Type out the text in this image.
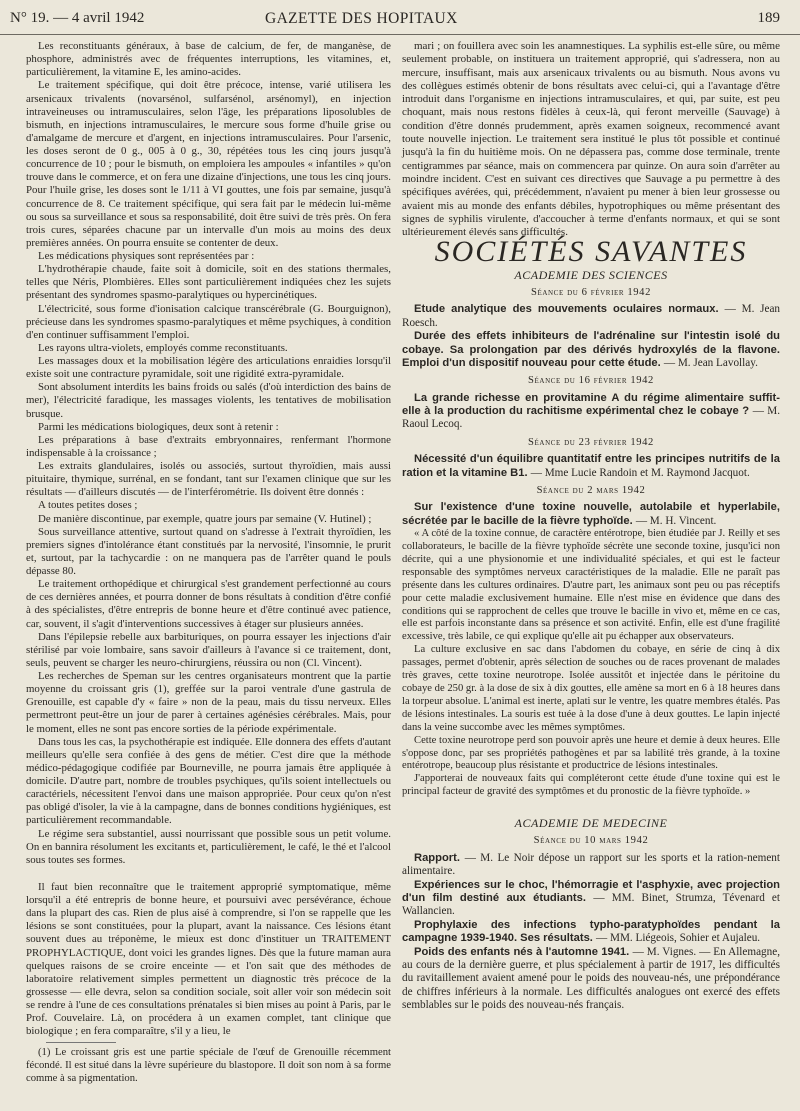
N° 19. — 4 avril 1942	GAZETTE DES HOPITAUX	189

Les reconstituants généraux, à base de calcium, de fer, de manganèse, de phosphore, administrés avec de fréquentes interruptions, les vitamines, et, particulièrement, la vitamine E, les amino-acides.

Le traitement spécifique, qui doit être précoce, intense, varié utilisera les arsenicaux trivalents (novarsénol, sulfarsénol, arsénomyl), en injection intraveineuses ou intramusculaires, selon l'âge, les préparations liposolubles de bismuth, en injections intramusculaires, le mercure sous forme d'huile grise ou d'amalgame de mercure et d'argent, en injections intramusculaires. Pour l'arsenic, les doses seront de 0 g., 005 à 0 g., 30, répétées tous les cinq jours jusqu'à concurrence de 10 ; pour le bismuth, on emploiera les ampoules « infantiles » qu'on trouve dans le commerce, et on fera une dizaine d'injections, une tous les cinq jours. Pour l'huile grise, les doses sont le 1/11 à VI gouttes, une fois par semaine, jusqu'à concurrence de 8. Ce traitement spécifique, qui sera fait par le médecin lui-même ou sous sa surveillance et sous sa responsabilité, doit être suivi de très près. On fera trois cures, séparées chacune par un intervalle d'un mois au moins des deux premières années. On pourra ensuite se contenter de deux.

Les médications physiques sont représentées par :

L'hydrothérapie chaude, faite soit à domicile, soit en des stations thermales, telles que Néris, Plombières. Elles sont particulièrement indiquées chez les sujets présentant des syndromes spasmo-paralytiques ou hypercinétiques.

L'électricité, sous forme d'ionisation calcique transcérébrale (G. Bourguignon), précieuse dans les syndromes spasmo-paralytiques et même psychiques, à condition d'en continuer suffisamment l'emploi.

Les rayons ultra-violets, employés comme reconstituants.

Les massages doux et la mobilisation légère des articulations enraidies lorsqu'il existe soit une contracture pyramidale, soit une rigidité extra-pyramidale.

Sont absolument interdits les bains froids ou salés (d'où interdiction des bains de mer), l'électricité faradique, les massages violents, les tentatives de mobilisation brusque.

Parmi les médications biologiques, deux sont à retenir :

Les préparations à base d'extraits embryonnaires, renfermant l'hormone indispensable à la croissance ;

Les extraits glandulaires, isolés ou associés, surtout thyroïdien, mais aussi pituitaire, thymique, surrénal, en se fondant, tant sur l'examen clinique que sur les résultats — d'ailleurs discutés — de l'interférométrie. Ils doivent être donnés :

A toutes petites doses ;

De manière discontinue, par exemple, quatre jours par semaine (V. Hutinel) ;

Sous surveillance attentive, surtout quand on s'adresse à l'extrait thyroïdien, les premiers signes d'intolérance étant constitués par la nervosité, l'insomnie, le prurit et, surtout, par la tachycardie : on ne manquera pas de l'arrêter quand le pouls dépasse 80.

Le traitement orthopédique et chirurgical s'est grandement perfectionné au cours de ces dernières années, et pourra donner de bons résultats à condition d'être confié à des spécialistes, d'être entrepris de bonne heure et d'être continué avec patience, car, souvent, il s'agit d'interventions successives à étager sur plusieurs années.

Dans l'épilepsie rebelle aux barbituriques, on pourra essayer les injections d'air stérilisé par voie lombaire, sans savoir d'ailleurs à l'avance si ce traitement, dont, seuls, peuvent se charger les neuro-chirurgiens, réussira ou non (Cl. Vincent).

Les recherches de Speman sur les centres organisateurs montrent que la partie moyenne du croissant gris (1), greffée sur la paroi ventrale d'une gastrula de Grenouille, est capable d'y « faire » non de la peau, mais du tissu nerveux. Elles permettront peut-être un jour de parer à certaines agénésies cérébrales. Mais, pour le moment, elles ne sont pas encore sorties de la période expérimentale.

Dans tous les cas, la psychothérapie est indiquée. Elle donnera des effets d'autant meilleurs qu'elle sera confiée à des gens de métier. C'est dire que la méthode médico-pédagogique codifiée par Bourneville, ne pourra jamais être appliquée à domicile. D'autre part, nombre de troubles psychiques, qu'ils soient intellectuels ou caractériels, nécessitent l'envoi dans une maison appropriée. Pour ceux qu'on n'est pas obligé d'isoler, la vie à la campagne, dans de bonnes conditions hygiéniques, est particulièrement recommandable.

Le régime sera substantiel, aussi nourrissant que possible sous un petit volume. On en bannira résolument les excitants et, particulièrement, le café, le thé et l'alcool sous toutes ses formes.

Il faut bien reconnaître que le traitement approprié symptomatique, même lorsqu'il a été entrepris de bonne heure, et poursuivi avec persévérance, échoue dans la plupart des cas. Rien de plus aisé à comprendre, si l'on se rappelle que les lésions se sont constituées, pour la plupart, avant la naissance. Ces lésions étant souvent dues au tréponème, le mieux est donc d'instituer un TRAITEMENT PROPHYLACTIQUE, dont voici les grandes lignes. Dès que la future maman aura quelques raisons de se croire enceinte — et l'on sait que des méthodes de laboratoire relativement simples permettent un diagnostic très précoce de la grossesse — elle devra, selon sa condition sociale, soit aller voir son médecin soit se rendre à l'une de ces consultations prénatales si bien mises au point à Paris, par le Prof. Couvelaire. Là, on procédera à un examen complet, tant clinique que biologique ; en fera comparaître, s'il y a lieu, le

(1) Le croissant gris est une partie spéciale de l'œuf de Grenouille récemment fécondé. Il est situé dans la lèvre supérieure du blastopore. Il doit son nom à sa forme comme à sa pigmentation.

mari ; on fouillera avec soin les anamnestiques. La syphilis est-elle sûre, ou même seulement probable, on instituera un traitement approprié, qui s'adressera, non au mercure, insuffisant, mais aux arsenicaux trivalents ou au bismuth. Nous avons vu des collègues estimés obtenir de bons résultats avec celui-ci, qui a l'avantage d'être introduit dans l'organisme en injections intramusculaires, et qui, par suite, est peu choquant, mais nous restons fidèles à ceux-là, qui feront merveille (Sauvage) à condition d'être donnés prudemment, après examen soigneux, recommencé avant toute nouvelle injection. Le traitement sera institué le plus tôt possible et continué jusqu'à la fin du huitième mois. On ne dépassera pas, comme dose terminale, trente centigrammes par séance, mais on commencera par quinze. On aura soin d'arrêter au moindre incident. C'est en suivant ces directives que Sauvage a pu permettre à des spécifiques avérées, qui, précédemment, n'avaient pu mener à bien leur grossesse ou avaient mis au monde des enfants débiles, hypotrophiques ou même présentant des signes de syphilis virulente, d'accoucher à terme d'enfants normaux, et qui se sont ultérieurement élevés sans difficultés.

SOCIÉTÉS SAVANTES
ACADEMIE DES SCIENCES
Séance du 6 février 1942

Etude analytique des mouvements oculaires normaux. — M. Jean Roesch.

Durée des effets inhibiteurs de l'adrénaline sur l'intestin isolé du cobaye. Sa prolongation par des dérivés hydroxylés de la flavone. Emploi d'un dispositif nouveau pour cette étude. — M. Jean Lavollay.

Séance du 16 février 1942

La grande richesse en provitamine A du régime alimentaire suffit-elle à la production du rachitisme expérimental chez le cobaye ? — M. Raoul Lecoq.

Séance du 23 février 1942

Nécessité d'un équilibre quantitatif entre les principes nutritifs de la ration et la vitamine B1. — Mme Lucie Randoin et M. Raymond Jacquot.

Séance du 2 mars 1942

Sur l'existence d'une toxine nouvelle, autolabile et hyperlabile, sécrétée par le bacille de la fièvre typhoïde. — M. H. Vincent.

« A côté de la toxine connue, de caractère entérotrope, bien étudiée par J. Reilly et ses collaborateurs, le bacille de la fièvre typhoïde sécrète une seconde toxine, jusqu'ici non décrite, qui a une physionomie et une individualité spéciales, et qui est le facteur responsable des symptômes nerveux caractéristiques de la maladie. Elle ne paraît pas présente dans les cultures ordinaires. D'autre part, les animaux sont peu ou pas réceptifs pour cette maladie exclusivement humaine. Elle n'est mise en évidence que dans des conditions qui se rapprochent de celles que trouve le bacille in vivo et, même en ce cas, elle est parfois inconstante dans sa présence et son activité. Enfin, elle est d'une fragilité excessive, très labile, ce qui explique qu'elle ait pu échapper aux observateurs.

La culture exclusive en sac dans l'abdomen du cobaye, en série de cinq à dix passages, permet d'obtenir, après sélection de souches ou de races provenant de malades très graves, cette toxine neurotrope. Isolée aussitôt et injectée dans le péritoine du cobaye de 250 gr. à la dose de six à dix gouttes, elle amène sa mort en 6 à 18 heures dans la torpeur absolue. L'animal est inerte, aplati sur le ventre, les quatre membres étalés. Pas de lésions intestinales. La souris est tuée à la dose d'une à deux gouttes. Le lapin injecté dans la veine succombe avec les mêmes symptômes.

Cette toxine neurotrope perd son pouvoir après une heure et demie à deux heures. Elle s'oppose donc, par ses propriétés pathogènes et par sa labilité très grande, à la toxine entérotrope, beaucoup plus résistante et productrice de lésions intestinales.

J'apporterai de nouveaux faits qui compléteront cette étude d'une toxine qui est le principal facteur de gravité des symptômes et du pronostic de la fièvre typhoïde. »

ACADEMIE DE MEDECINE
Séance du 10 mars 1942

Rapport. — M. Le Noir dépose un rapport sur les sports et la ration-nement alimentaire.

Expériences sur le choc, l'hémorragie et l'asphyxie, avec projection d'un film destiné aux étudiants. — MM. Binet, Strumza, Tévenard et Wallancien.

Prophylaxie des infections typho-paratyphoïdes pendant la campagne 1939-1940. Ses résultats. — MM. Liégeois, Sohier et Aujaleu.

Poids des enfants nés à l'automne 1941. — M. Vignes. — En Allemagne, au cours de la dernière guerre, et plus spécialement à partir de 1917, les difficultés du ravitaillement avaient amené pour le poids des nouveau-nés, une prépondérance de chiffres inférieurs à la normale. Les difficultés analogues ont exercé des effets semblables sur le poids des nouveau-nés français.
